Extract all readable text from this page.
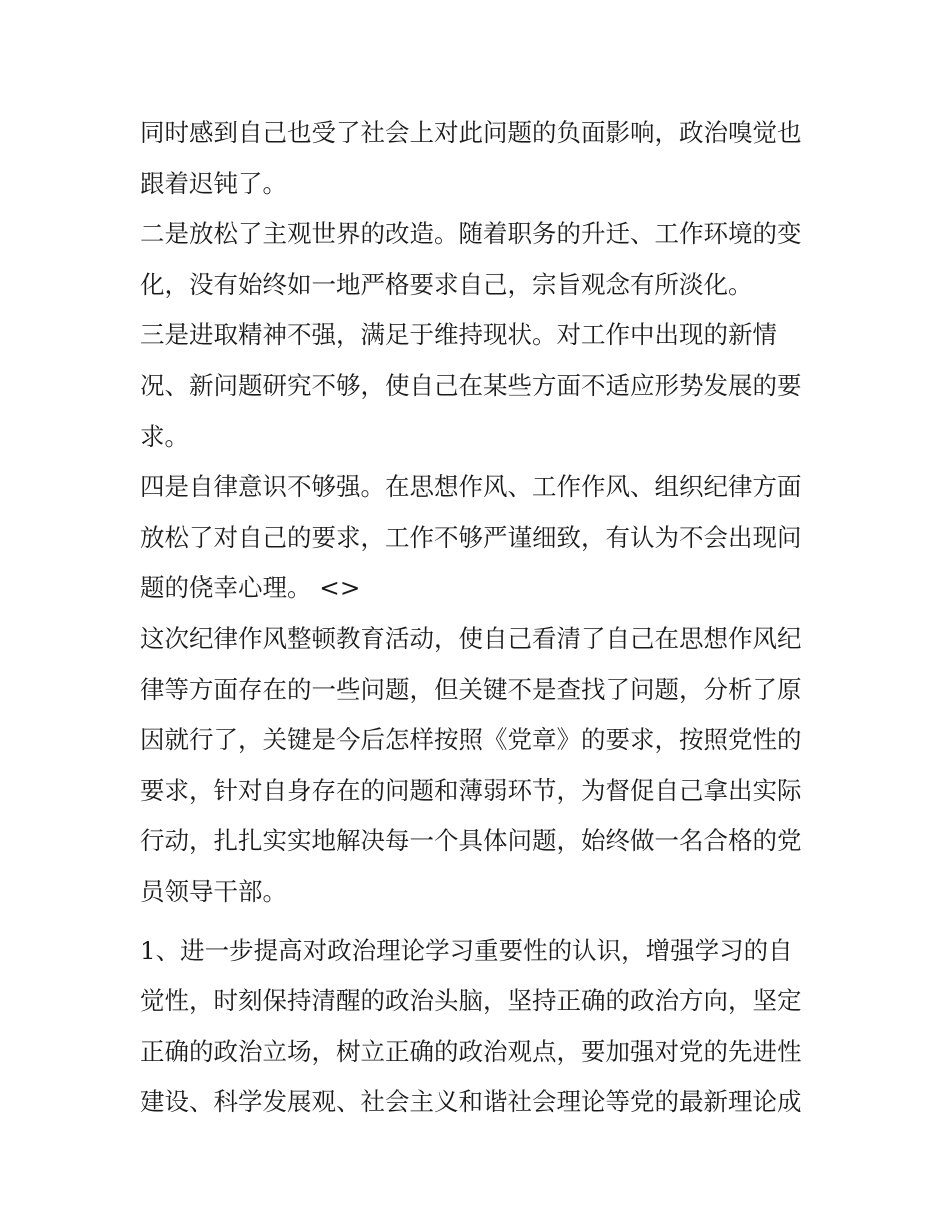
同时感到自己也受了社会上对此问题的负面影响，政治嗅觉也
跟着迟钝了。

二是放松了主观世界的改造。随着职务的升迁、工作环境的变
化，没有始终如一地严格要求自己，宗旨观念有所淡化。

三是进取精神不强，满足于维持现状。对工作中出现的新情
况、新问题研究不够，使自己在某些方面不适应形势发展的要
求。

四是自律意识不够强。在思想作风、工作作风、组织纪律方面
放松了对自己的要求，工作不够严谨细致，有认为不会出现问
题的侥幸心理。 <>

这次纪律作风整顿教育活动，使自己看清了自己在思想作风纪
律等方面存在的一些问题，但关键不是查找了问题，分析了原
因就行了，关键是今后怎样按照《党章》的要求，按照党性的
要求，针对自身存在的问题和薄弱环节，为督促自己拿出实际
行动，扎扎实实地解决每一个具体问题，始终做一名合格的党
员领导干部。

1、进一步提高对政治理论学习重要性的认识，增强学习的自
觉性，时刻保持清醒的政治头脑，坚持正确的政治方向，坚定
正确的政治立场，树立正确的政治观点，要加强对党的先进性
建设、科学发展观、社会主义和谐社会理论等党的最新理论成
